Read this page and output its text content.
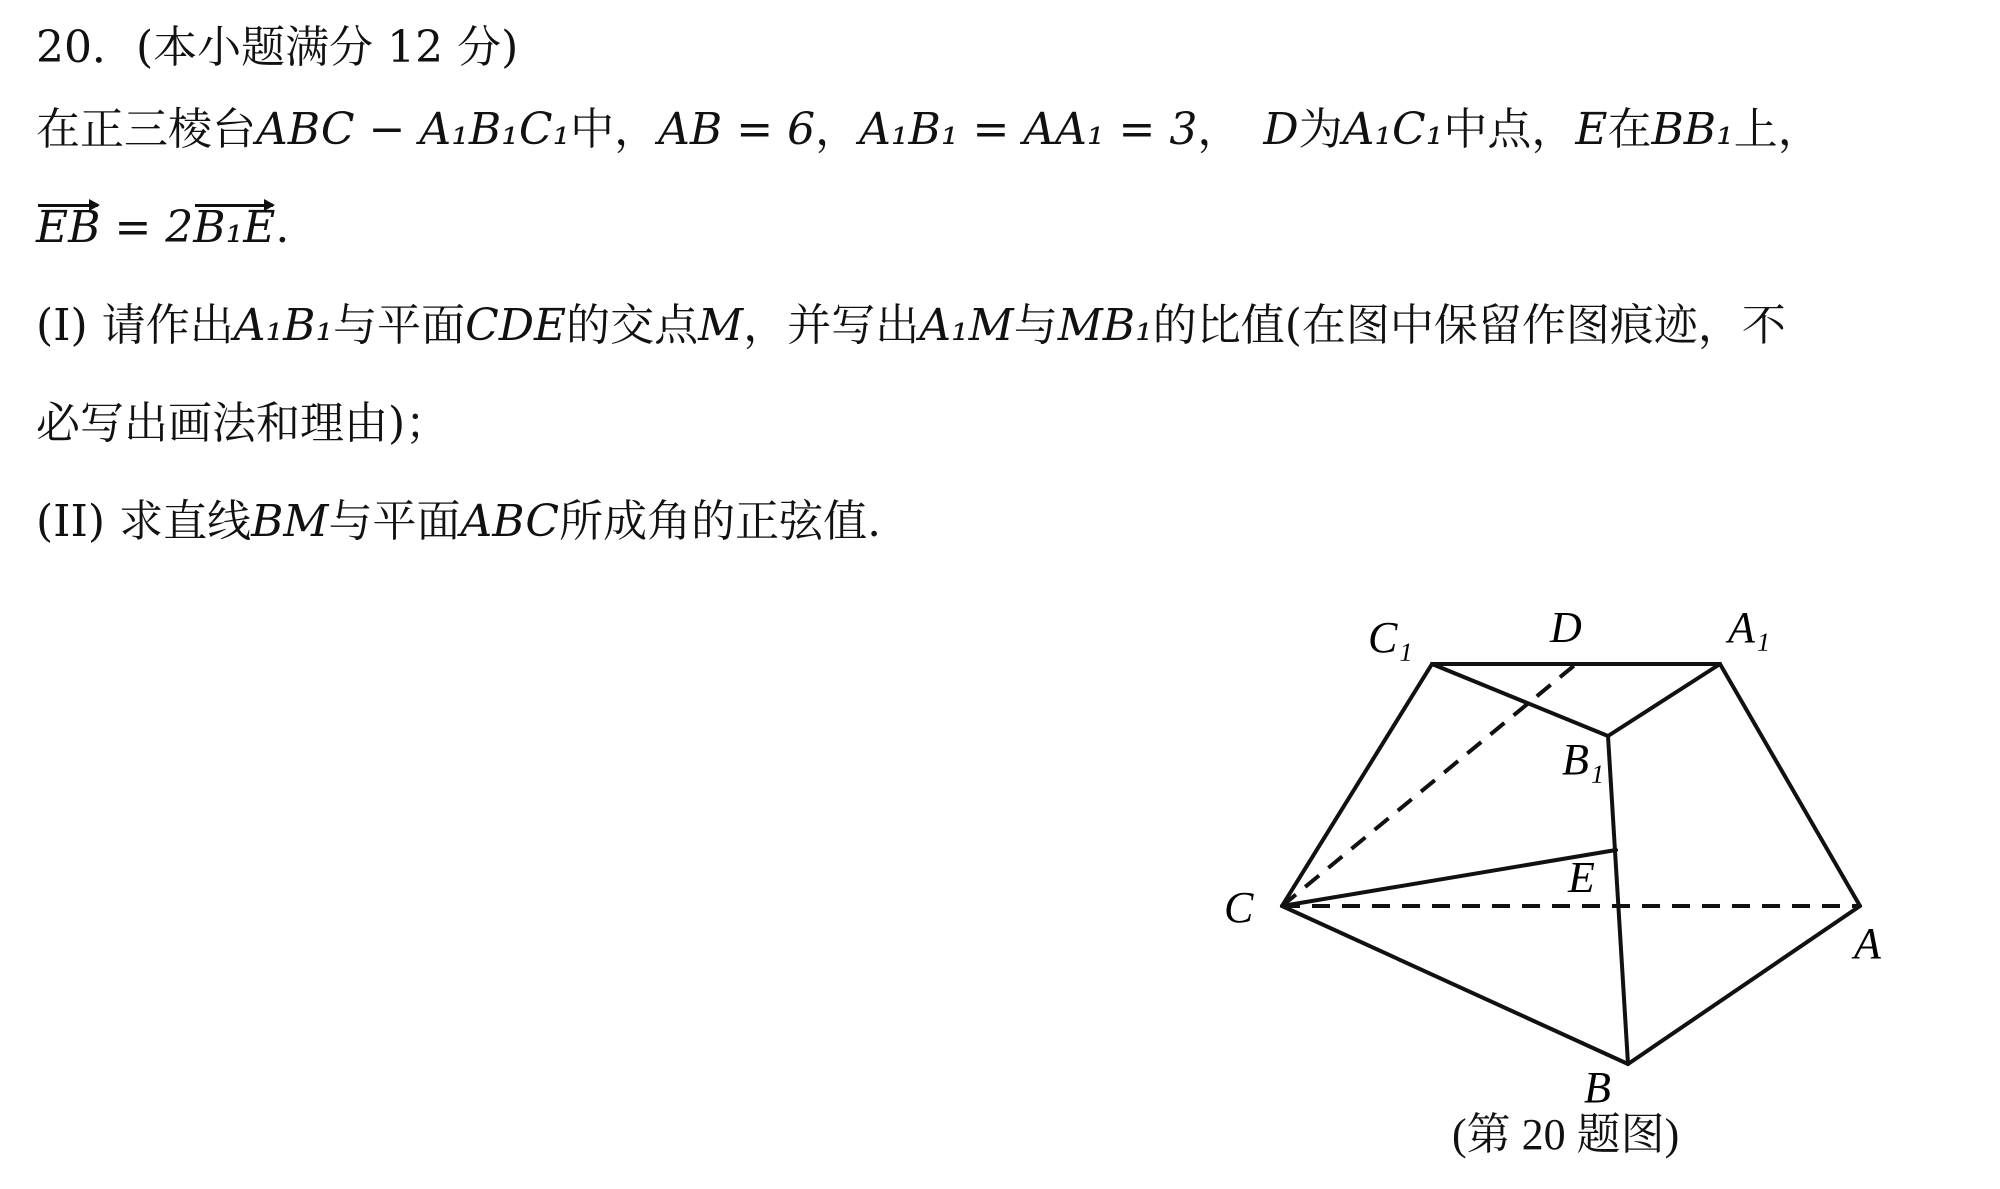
20．(本小题满分 12 分)
在正三棱台ABC − A₁B₁C₁中，AB = 6，A₁B₁ = AA₁ = 3，　D为A₁C₁中点，E在BB₁上，
EB = 2B₁E.
(I) 请作出A₁B₁与平面CDE的交点M，并写出A₁M与MB₁的比值(在图中保留作图痕迹，不
必写出画法和理由)；
(II) 求直线BM与平面ABC所成角的正弦值.
C₁	D	A₁
B₁
E
C
A
B
(第 20 题图)
